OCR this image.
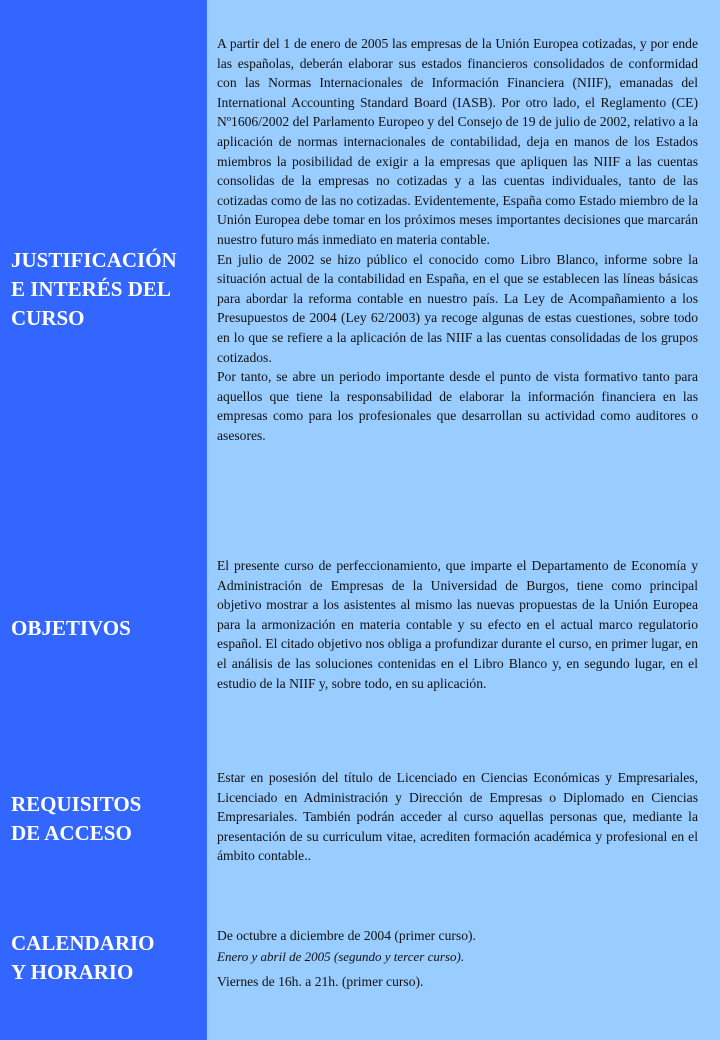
JUSTIFICACIÓN
E INTERÉS DEL
CURSO

A partir del 1 de enero de 2005 las empresas de la Unión Europea cotizadas, y por ende las españolas, deberán elaborar sus estados financieros consolidados de conformidad con las Normas Internacionales de Información Financiera (NIIF), emanadas del International Accounting Standard Board (IASB). Por otro lado, el Reglamento (CE) Nº1606/2002 del Parlamento Europeo y del Consejo de 19 de julio de 2002, relativo a la aplicación de normas internacionales de contabilidad, deja en manos de los Estados miembros la posibilidad de exigir a la empresas que apliquen las NIIF a las cuentas consolidas de la empresas no cotizadas y a las cuentas individuales, tanto de las cotizadas como de las no cotizadas. Evidentemente, España como Estado miembro de la Unión Europea debe tomar en los próximos meses importantes decisiones que marcarán nuestro futuro más inmediato en materia contable.

En julio de 2002 se hizo público el conocido como Libro Blanco, informe sobre la situación actual de la contabilidad en España, en el que se establecen las líneas básicas para abordar la reforma contable en nuestro país. La Ley de Acompañamiento a los Presupuestos de 2004 (Ley 62/2003) ya recoge algunas de estas cuestiones, sobre todo en lo que se refiere a la aplicación de las NIIF a las cuentas consolidadas de los grupos cotizados.

Por tanto, se abre un periodo importante desde el punto de vista formativo tanto para aquellos que tiene la responsabilidad de elaborar la información financiera en las empresas como para los profesionales que desarrollan su actividad como auditores o asesores.

OBJETIVOS

El presente curso de perfeccionamiento, que imparte el Departamento de Economía y Administración de Empresas de la Universidad de Burgos, tiene como principal objetivo mostrar a los asistentes al mismo las nuevas propuestas de la Unión Europea para la armonización en materia contable y su efecto en el actual marco regulatorio español. El citado objetivo nos obliga a profundizar durante el curso, en primer lugar, en el análisis de las soluciones contenidas en el Libro Blanco y, en segundo lugar, en el estudio de la NIIF y, sobre todo, en su aplicación.

REQUISITOS
DE ACCESO

Estar en posesión del título de Licenciado en Ciencias Económicas y Empresariales, Licenciado en Administración y Dirección de Empresas o Diplomado en Ciencias Empresariales. También podrán acceder al curso aquellas personas que, mediante la presentación de su curriculum vitae, acrediten formación académica y profesional en el ámbito contable..

CALENDARIO
Y HORARIO

De octubre a diciembre de 2004 (primer curso).

Enero y abril de 2005 (segundo y tercer curso).

Viernes de 16h. a 21h. (primer curso).
